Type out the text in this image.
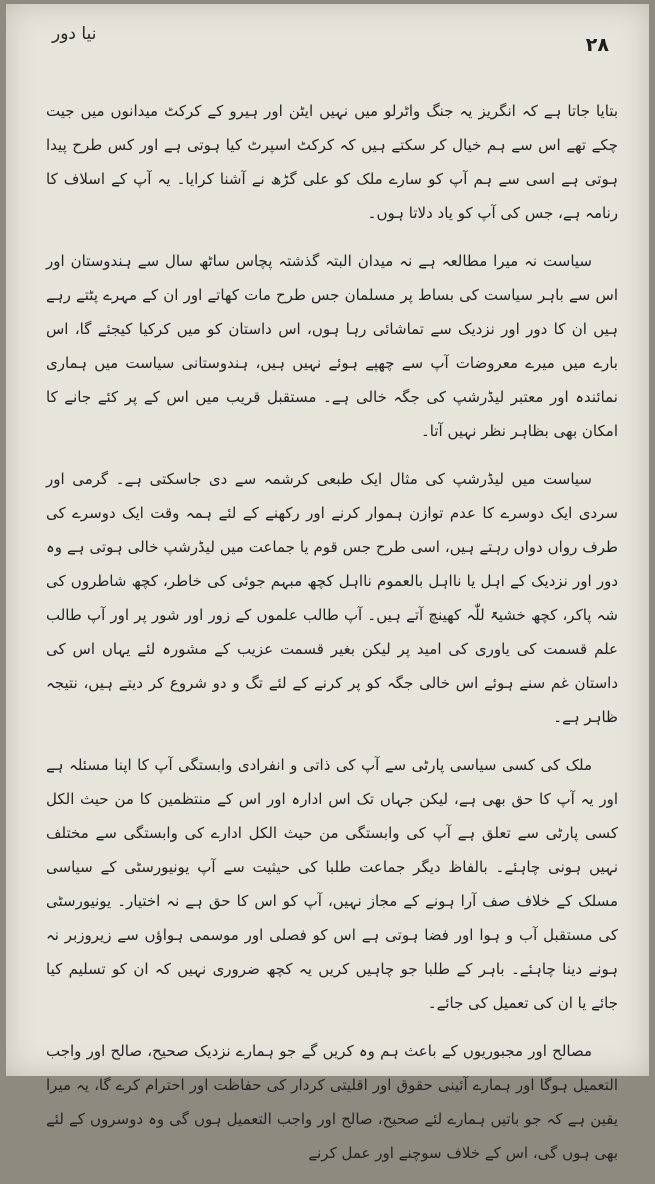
نیا دور	۲۸

بتایا جاتا ہے کہ انگریز یہ جنگ واٹرلو میں نہیں ایٹن اور ہیرو کے کرکٹ میدانوں میں جیت چکے تھے اس سے ہم خیال کر سکتے ہیں کہ کرکٹ اسپرٹ کیا ہوتی ہے اور کس طرح پیدا ہوتی ہے اسی سے ہم آپ کو سارے ملک کو علی گڑھ نے آشنا کرایا۔ یہ آپ کے اسلاف کا رنامہ ہے، جس کی آپ کو یاد دلاتا ہوں۔

سیاست نہ میرا مطالعہ ہے نہ میدان البتہ گذشتہ پچاس ساٹھ سال سے ہندوستان اور اس سے باہر سیاست کی بساط پر مسلمان جس طرح مات کھاتے اور ان کے مہرے پٹتے رہے ہیں ان کا دور اور نزدیک سے تماشائی رہا ہوں، اس داستان کو میں کرکیا کیجئے گا، اس بارے میں میرے معروضات آپ سے چھپے ہوئے نہیں ہیں، ہندوستانی سیاست میں ہماری نمائندہ اور معتبر لیڈرشپ کی جگہ خالی ہے۔ مستقبل قریب میں اس کے پر کئے جانے کا امکان بھی بظاہر نظر نہیں آتا۔

سیاست میں لیڈرشپ کی مثال ایک طبعی کرشمہ سے دی جاسکتی ہے۔ گرمی اور سردی ایک دوسرے کا عدم توازن ہموار کرنے اور رکھنے کے لئے ہمہ وقت ایک دوسرے کی طرف رواں دواں رہتے ہیں، اسی طرح جس قوم یا جماعت میں لیڈرشپ خالی ہوتی ہے وہ دور اور نزدیک کے اہل یا نااہل بالعموم نااہل کچھ مبہم جوئی کی خاطر، کچھ شاطروں کی شہ پاکر، کچھ خشیۃً للّٰہ کھینچ آتے ہیں۔ آپ طالب علموں کے زور اور شور پر اور آپ طالب علم قسمت کی یاوری کی امید پر لیکن بغیر قسمت عزیب کے مشورہ لئے یہاں اس کی داستان غم سنے ہوئے اس خالی جگہ کو پر کرنے کے لئے تگ و دو شروع کر دیتے ہیں، نتیجہ ظاہر ہے۔

ملک کی کسی سیاسی پارٹی سے آپ کی ذاتی و انفرادی وابستگی آپ کا اپنا مسئلہ ہے اور یہ آپ کا حق بھی ہے، لیکن جہاں تک اس ادارہ اور اس کے منتظمین کا من حیث الکل کسی پارٹی سے تعلق ہے آپ کی وابستگی من حیث الکل ادارے کی وابستگی سے مختلف نہیں ہونی چاہئے۔ بالفاظ دیگر جماعت طلبا کی حیثیت سے آپ یونیورسٹی کے سیاسی مسلک کے خلاف صف آرا ہونے کے مجاز نہیں، آپ کو اس کا حق ہے نہ اختیار۔ یونیورسٹی کی مستقبل آب و ہوا اور فضا ہوتی ہے اس کو فصلی اور موسمی ہواؤں سے زیروزبر نہ ہونے دینا چاہئے۔ باہر کے طلبا جو چاہیں کریں یہ کچھ ضروری نہیں کہ ان کو تسلیم کیا جائے یا ان کی تعمیل کی جائے۔

مصالح اور مجبوریوں کے باعث ہم وہ کریں گے جو ہمارے نزدیک صحیح، صالح اور واجب التعمیل ہوگا اور ہمارے آئینی حقوق اور اقلیتی کردار کی حفاظت اور احترام کرے گا، یہ میرا یقین ہے کہ جو باتیں ہمارے لئے صحیح، صالح اور واجب التعمیل ہوں گی وہ دوسروں کے لئے بھی ہوں گی، اس کے خلاف سوچنے اور عمل کرنے
